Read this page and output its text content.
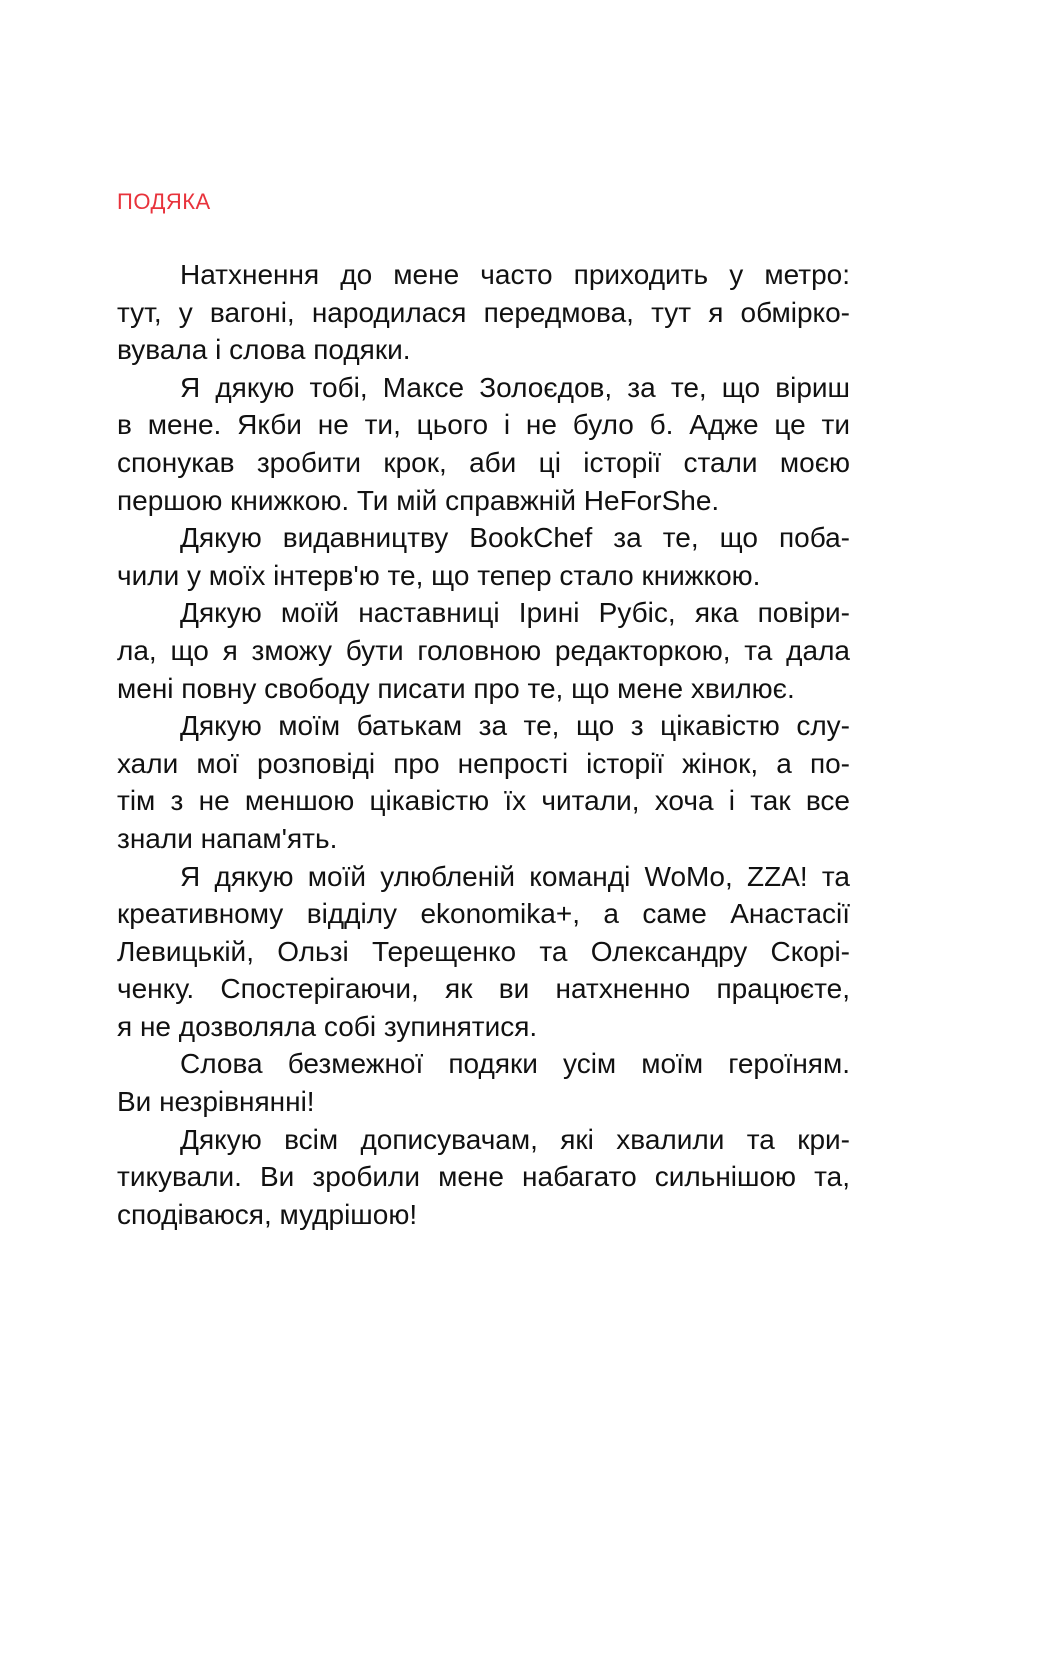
ПОДЯКА
Натхнення до мене часто приходить у метро:
тут, у вагоні, народилася передмова, тут я обмірко-
вувала і слова подяки.
Я дякую тобі, Максе Золоєдов, за те, що віриш
в мене. Якби не ти, цього і не було б. Адже це ти
спонукав зробити крок, аби ці історії стали моєю
першою книжкою. Ти мій справжній HeForShe.
Дякую видавництву BookChef за те, що поба-
чили у моїх інтерв'ю те, що тепер стало книжкою.
Дякую моїй наставниці Ірині Рубіс, яка повіри-
ла, що я зможу бути головною редакторкою, та дала
мені повну свободу писати про те, що мене хвилює.
Дякую моїм батькам за те, що з цікавістю слу-
хали мої розповіді про непрості історії жінок, а по-
тім з не меншою цікавістю їх читали, хоча і так все
знали напам'ять.
Я дякую моїй улюбленій команді WoMo, ZZA! та
креативному відділу ekonomika+, а саме Анастасії
Левицькій, Ользі Терещенко та Олександру Скорі-
ченку. Спостерігаючи, як ви натхненно працюєте,
я не дозволяла собі зупинятися.
Слова безмежної подяки усім моїм героїням.
Ви незрівнянні!
Дякую всім дописувачам, які хвалили та кри-
тикували. Ви зробили мене набагато сильнішою та,
сподіваюся, мудрішою!
